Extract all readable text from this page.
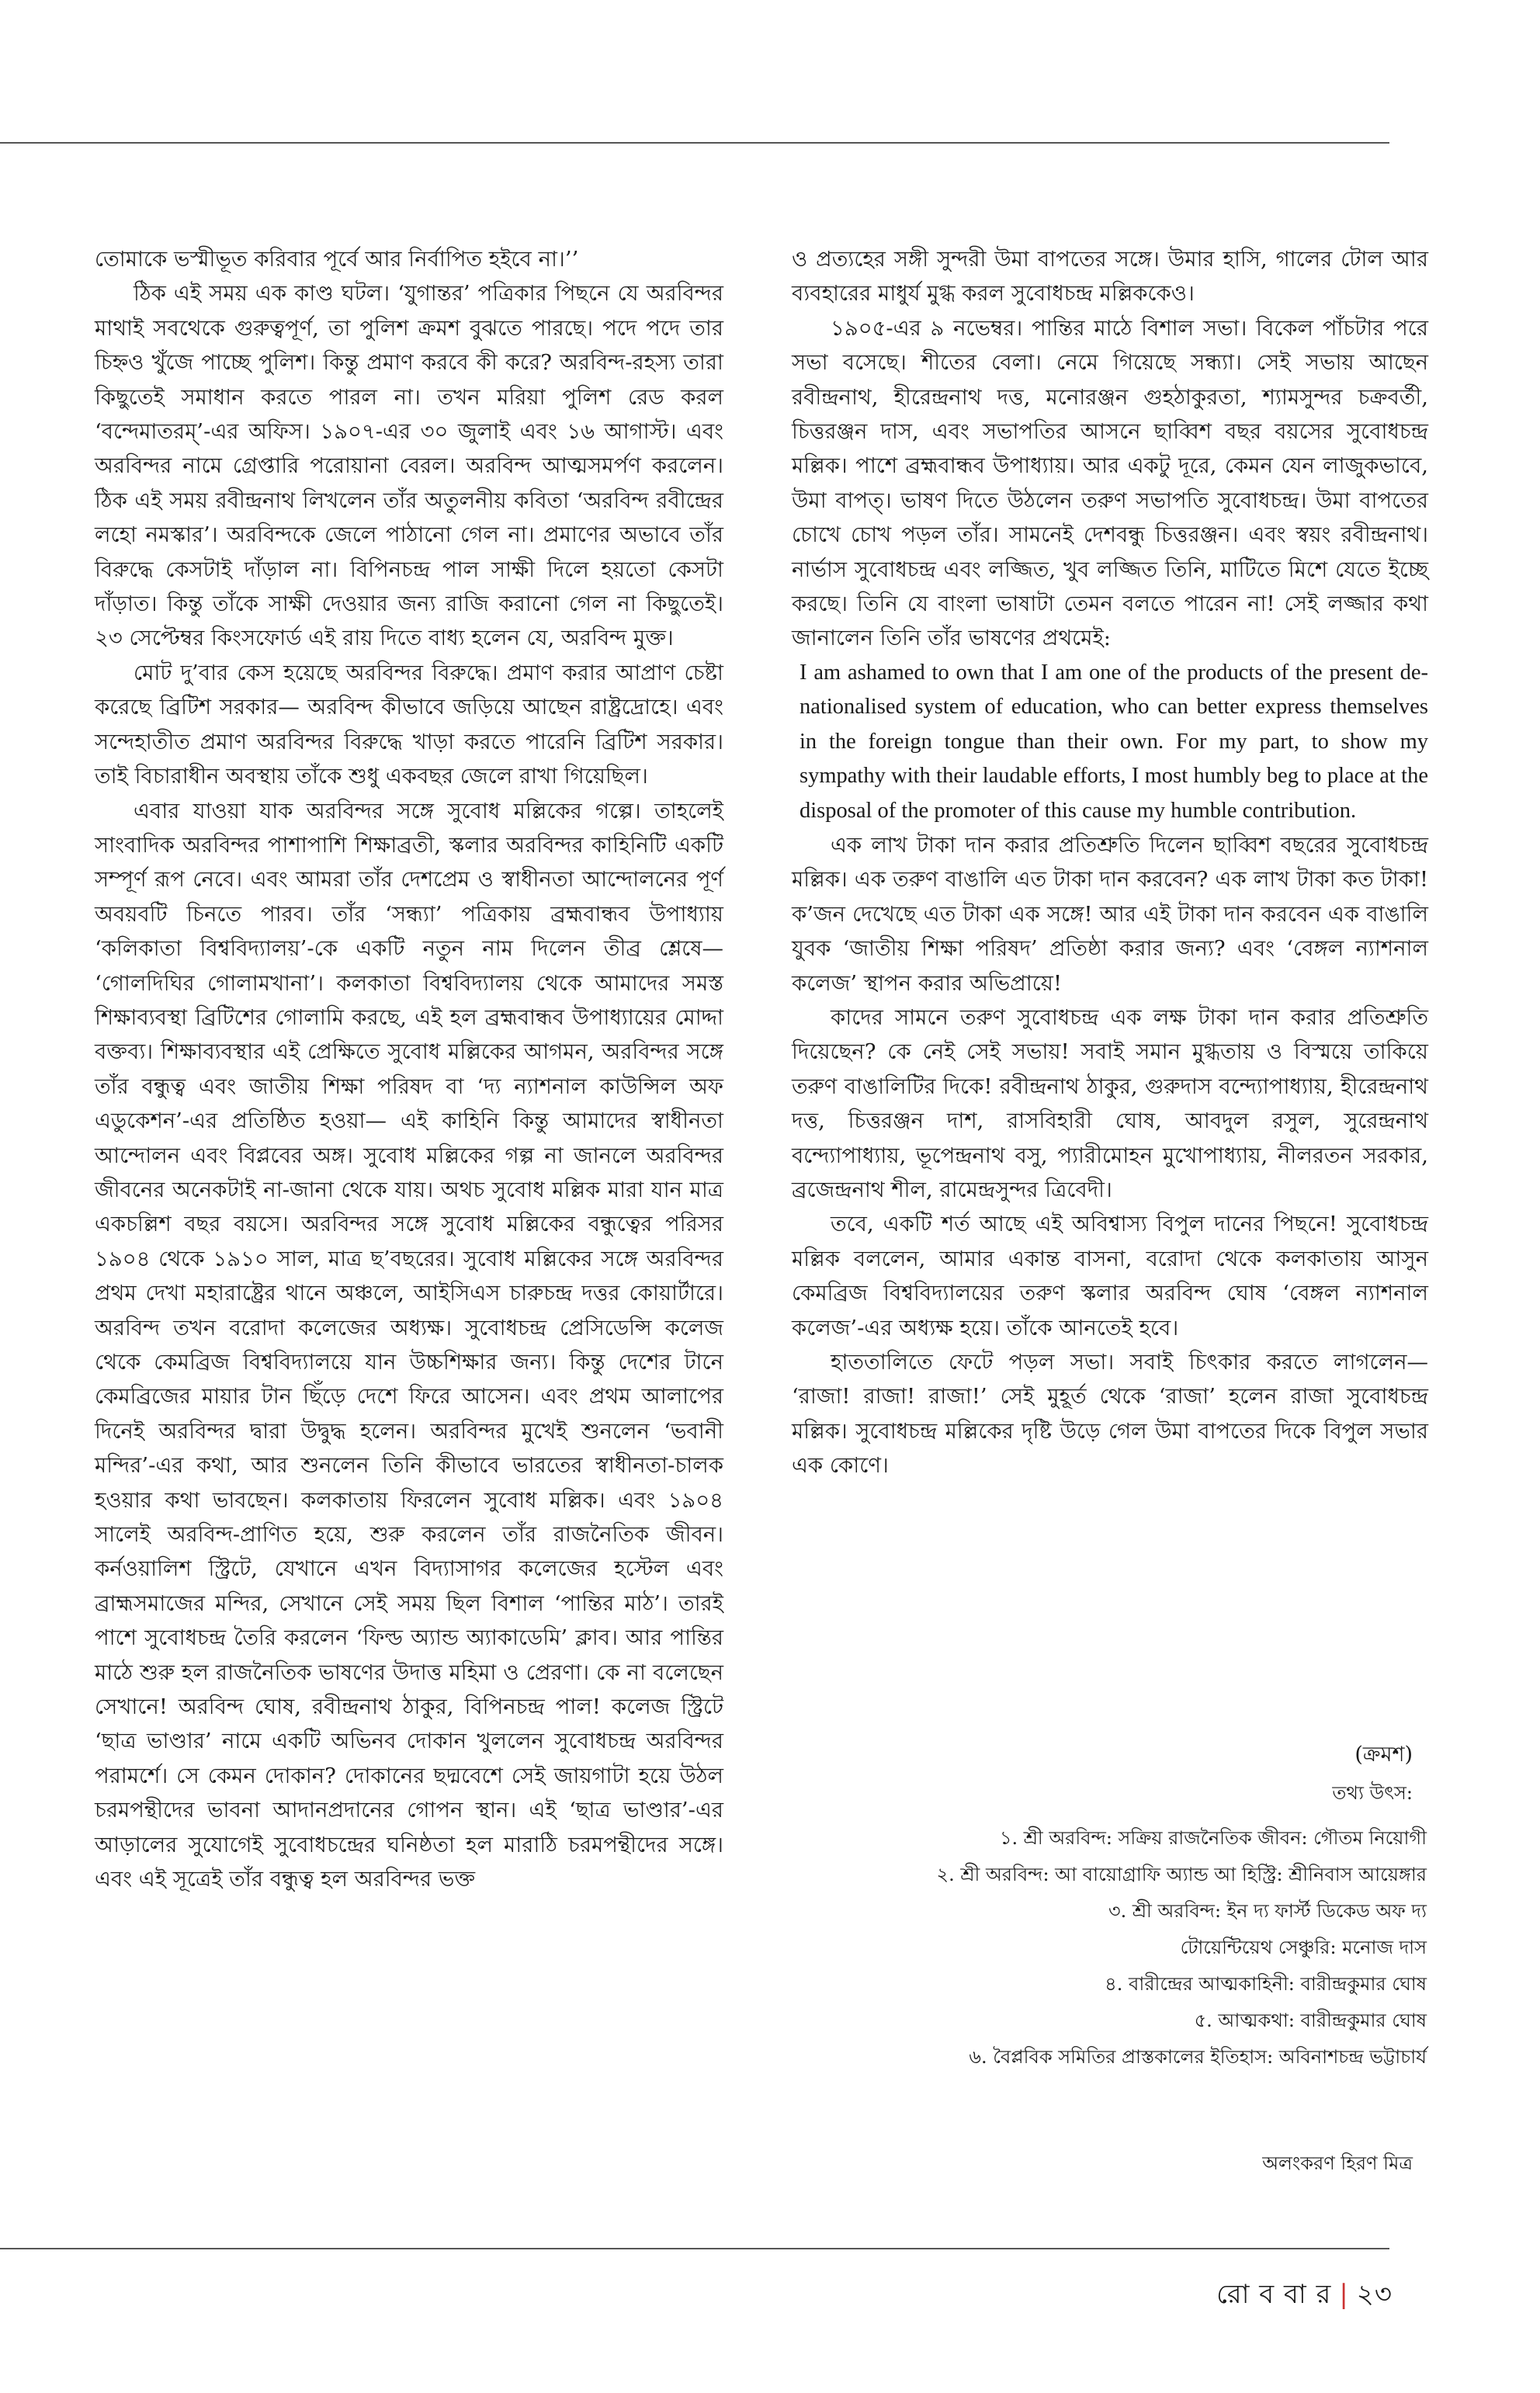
তোমাকে ভস্মীভূত করিবার পূর্বে আর নির্বাপিত হইবে না।’’

ঠিক এই সময় এক কাণ্ড ঘটল। ‘যুগান্তর’ পত্রিকার পিছনে যে অরবিন্দর মাথাই সবথেকে গুরুত্বপূর্ণ, তা পুলিশ ক্রমশ বুঝতে পারছে। পদে পদে তার চিহ্নও খুঁজে পাচ্ছে পুলিশ। কিন্তু প্রমাণ করবে কী করে? অরবিন্দ-রহস্য তারা কিছুতেই সমাধান করতে পারল না। তখন মরিয়া পুলিশ রেড করল ‘বন্দেমাতরম্’-এর অফিস। ১৯০৭-এর ৩০ জুলাই এবং ১৬ আগাস্ট। এবং অরবিন্দর নামে গ্রেপ্তারি পরোয়ানা বেরল। অরবিন্দ আত্মসমর্পণ করলেন। ঠিক এই সময় রবীন্দ্রনাথ লিখলেন তাঁর অতুলনীয় কবিতা ‘অরবিন্দ রবীন্দ্রের লহো নমস্কার’। অরবিন্দকে জেলে পাঠানো গেল না। প্রমাণের অভাবে তাঁর বিরুদ্ধে কেসটাই দাঁড়াল না। বিপিনচন্দ্র পাল সাক্ষী দিলে হয়তো কেসটা দাঁড়াত। কিন্তু তাঁকে সাক্ষী দেওয়ার জন্য রাজি করানো গেল না কিছুতেই। ২৩ সেপ্টেম্বর কিংসফোর্ড এই রায় দিতে বাধ্য হলেন যে, অরবিন্দ মুক্ত।

মোট দু’বার কেস হয়েছে অরবিন্দর বিরুদ্ধে। প্রমাণ করার আপ্রাণ চেষ্টা করেছে ব্রিটিশ সরকার— অরবিন্দ কীভাবে জড়িয়ে আছেন রাষ্ট্রদ্রোহে। এবং সন্দেহাতীত প্রমাণ অরবিন্দর বিরুদ্ধে খাড়া করতে পারেনি ব্রিটিশ সরকার। তাই বিচারাধীন অবস্থায় তাঁকে শুধু একবছর জেলে রাখা গিয়েছিল।

এবার যাওয়া যাক অরবিন্দর সঙ্গে সুবোধ মল্লিকের গল্পে। তাহলেই সাংবাদিক অরবিন্দর পাশাপাশি শিক্ষাব্রতী, স্কলার অরবিন্দর কাহিনিটি একটি সম্পূর্ণ রূপ নেবে। এবং আমরা তাঁর দেশপ্রেম ও স্বাধীনতা আন্দোলনের পূর্ণ অবয়বটি চিনতে পারব। তাঁর ‘সন্ধ্যা’ পত্রিকায় ব্রহ্মবান্ধব উপাধ্যায় ‘কলিকাতা বিশ্ববিদ্যালয়’-কে একটি নতুন নাম দিলেন তীব্র শ্লেষে— ‘গোলদিঘির গোলামখানা’। কলকাতা বিশ্ববিদ্যালয় থেকে আমাদের সমস্ত শিক্ষাব্যবস্থা ব্রিটিশের গোলামি করছে, এই হল ব্রহ্মবান্ধব উপাধ্যায়ের মোদ্দা বক্তব্য। শিক্ষাব্যবস্থার এই প্রেক্ষিতে সুবোধ মল্লিকের আগমন, অরবিন্দর সঙ্গে তাঁর বন্ধুত্ব এবং জাতীয় শিক্ষা পরিষদ বা ‘দ্য ন্যাশনাল কাউন্সিল অফ এডুকেশন’-এর প্রতিষ্ঠিত হওয়া— এই কাহিনি কিন্তু আমাদের স্বাধীনতা আন্দোলন এবং বিপ্লবের অঙ্গ। সুবোধ মল্লিকের গল্প না জানলে অরবিন্দর জীবনের অনেকটাই না-জানা থেকে যায়। অথচ সুবোধ মল্লিক মারা যান মাত্র একচল্লিশ বছর বয়সে। অরবিন্দর সঙ্গে সুবোধ মল্লিকের বন্ধুত্বের পরিসর ১৯০৪ থেকে ১৯১০ সাল, মাত্র ছ’বছরের। সুবোধ মল্লিকের সঙ্গে অরবিন্দর প্রথম দেখা মহারাষ্ট্রের থানে অঞ্চলে, আইসিএস চারুচন্দ্র দত্তর কোয়ার্টারে। অরবিন্দ তখন বরোদা কলেজের অধ্যক্ষ। সুবোধচন্দ্র প্রেসিডেন্সি কলেজ থেকে কেমব্রিজ বিশ্ববিদ্যালয়ে যান উচ্চশিক্ষার জন্য। কিন্তু দেশের টানে কেমব্রিজের মায়ার টান ছিঁড়ে দেশে ফিরে আসেন। এবং প্রথম আলাপের দিনেই অরবিন্দর দ্বারা উদ্বুদ্ধ হলেন। অরবিন্দর মুখেই শুনলেন ‘ভবানী মন্দির’-এর কথা, আর শুনলেন তিনি কীভাবে ভারতের স্বাধীনতা-চালক হওয়ার কথা ভাবছেন। কলকাতায় ফিরলেন সুবোধ মল্লিক। এবং ১৯০৪ সালেই অরবিন্দ-প্রাণিত হয়ে, শুরু করলেন তাঁর রাজনৈতিক জীবন। কর্নওয়ালিশ স্ট্রিটে, যেখানে এখন বিদ্যাসাগর কলেজের হস্টেল এবং ব্রাহ্মসমাজের মন্দির, সেখানে সেই সময় ছিল বিশাল ‘পান্তির মাঠ’। তারই পাশে সুবোধচন্দ্র তৈরি করলেন ‘ফিল্ড অ্যান্ড অ্যাকাডেমি’ ক্লাব। আর পান্তির মাঠে শুরু হল রাজনৈতিক ভাষণের উদাত্ত মহিমা ও প্রেরণা। কে না বলেছেন সেখানে! অরবিন্দ ঘোষ, রবীন্দ্রনাথ ঠাকুর, বিপিনচন্দ্র পাল! কলেজ স্ট্রিটে ‘ছাত্র ভাণ্ডার’ নামে একটি অভিনব দোকান খুললেন সুবোধচন্দ্র অরবিন্দর পরামর্শে। সে কেমন দোকান? দোকানের ছদ্মবেশে সেই জায়গাটা হয়ে উঠল চরমপন্থীদের ভাবনা আদানপ্রদানের গোপন স্থান। এই ‘ছাত্র ভাণ্ডার’-এর আড়ালের সুযোগেই সুবোধচন্দ্রের ঘনিষ্ঠতা হল মারাঠি চরমপন্থীদের সঙ্গে। এবং এই সূত্রেই তাঁর বন্ধুত্ব হল অরবিন্দর ভক্ত

ও প্রত্যহের সঙ্গী সুন্দরী উমা বাপতের সঙ্গে। উমার হাসি, গালের টোল আর ব্যবহারের মাধুর্য মুগ্ধ করল সুবোধচন্দ্র মল্লিককেও।

১৯০৫-এর ৯ নভেম্বর। পান্তির মাঠে বিশাল সভা। বিকেল পাঁচটার পরে সভা বসেছে। শীতের বেলা। নেমে গিয়েছে সন্ধ্যা। সেই সভায় আছেন রবীন্দ্রনাথ, হীরেন্দ্রনাথ দত্ত, মনোরঞ্জন গুহঠাকুরতা, শ্যামসুন্দর চক্রবর্তী, চিত্তরঞ্জন দাস, এবং সভাপতির আসনে ছাব্বিশ বছর বয়সের সুবোধচন্দ্র মল্লিক। পাশে ব্রহ্মবান্ধব উপাধ্যায়। আর একটু দূরে, কেমন যেন লাজুকভাবে, উমা বাপত্। ভাষণ দিতে উঠলেন তরুণ সভাপতি সুবোধচন্দ্র। উমা বাপতের চোখে চোখ পড়ল তাঁর। সামনেই দেশবন্ধু চিত্তরঞ্জন। এবং স্বয়ং রবীন্দ্রনাথ। নার্ভাস সুবোধচন্দ্র এবং লজ্জিত, খুব লজ্জিত তিনি, মাটিতে মিশে যেতে ইচ্ছে করছে। তিনি যে বাংলা ভাষাটা তেমন বলতে পারেন না! সেই লজ্জার কথা জানালেন তিনি তাঁর ভাষণের প্রথমেই:

I am ashamed to own that I am one of the products of the present de-nationalised system of education, who can better express themselves in the foreign tongue than their own. For my part, to show my sympathy with their laudable efforts, I most humbly beg to place at the disposal of the promoter of this cause my humble contribution.

এক লাখ টাকা দান করার প্রতিশ্রুতি দিলেন ছাব্বিশ বছরের সুবোধচন্দ্র মল্লিক। এক তরুণ বাঙালি এত টাকা দান করবেন? এক লাখ টাকা কত টাকা! ক’জন দেখেছে এত টাকা এক সঙ্গে! আর এই টাকা দান করবেন এক বাঙালি যুবক ‘জাতীয় শিক্ষা পরিষদ’ প্রতিষ্ঠা করার জন্য? এবং ‘বেঙ্গল ন্যাশনাল কলেজ’ স্থাপন করার অভিপ্রায়ে!

কাদের সামনে তরুণ সুবোধচন্দ্র এক লক্ষ টাকা দান করার প্রতিশ্রুতি দিয়েছেন? কে নেই সেই সভায়! সবাই সমান মুগ্ধতায় ও বিস্ময়ে তাকিয়ে তরুণ বাঙালিটির দিকে! রবীন্দ্রনাথ ঠাকুর, গুরুদাস বন্দ্যোপাধ্যায়, হীরেন্দ্রনাথ দত্ত, চিত্তরঞ্জন দাশ, রাসবিহারী ঘোষ, আবদুল রসুল, সুরেন্দ্রনাথ বন্দ্যোপাধ্যায়, ভূপেন্দ্রনাথ বসু, প্যারীমোহন মুখোপাধ্যায়, নীলরতন সরকার, ব্রজেন্দ্রনাথ শীল, রামেন্দ্রসুন্দর ত্রিবেদী।

তবে, একটি শর্ত আছে এই অবিশ্বাস্য বিপুল দানের পিছনে! সুবোধচন্দ্র মল্লিক বললেন, আমার একান্ত বাসনা, বরোদা থেকে কলকাতায় আসুন কেমব্রিজ বিশ্ববিদ্যালয়ের তরুণ স্কলার অরবিন্দ ঘোষ ‘বেঙ্গল ন্যাশনাল কলেজ’-এর অধ্যক্ষ হয়ে। তাঁকে আনতেই হবে।

হাততালিতে ফেটে পড়ল সভা। সবাই চিৎকার করতে লাগলেন— ‘রাজা! রাজা! রাজা!’ সেই মুহূর্ত থেকে ‘রাজা’ হলেন রাজা সুবোধচন্দ্র মল্লিক। সুবোধচন্দ্র মল্লিকের দৃষ্টি উড়ে গেল উমা বাপতের দিকে বিপুল সভার এক কোণে।

(ক্রমশ)
তথ্য উৎস:
১. শ্রী অরবিন্দ: সক্রিয় রাজনৈতিক জীবন: গৌতম নিয়োগী
২. শ্রী অরবিন্দ: আ বায়োগ্রাফি অ্যান্ড আ হিস্ট্রি: শ্রীনিবাস আয়েঙ্গার
৩. শ্রী অরবিন্দ: ইন দ্য ফার্স্ট ডিকেড অফ দ্য
টোয়েন্টিয়েথ সেঞ্চুরি: মনোজ দাস
৪. বারীন্দ্রের আত্মকাহিনী: বারীন্দ্রকুমার ঘোষ
৫. আত্মকথা: বারীন্দ্রকুমার ঘোষ
৬. বৈপ্লবিক সমিতির প্রাস্তকালের ইতিহাস: অবিনাশচন্দ্র ভট্টাচার্য
অলংকরণ হিরণ মিত্র
রো ব বা র | ২৩
